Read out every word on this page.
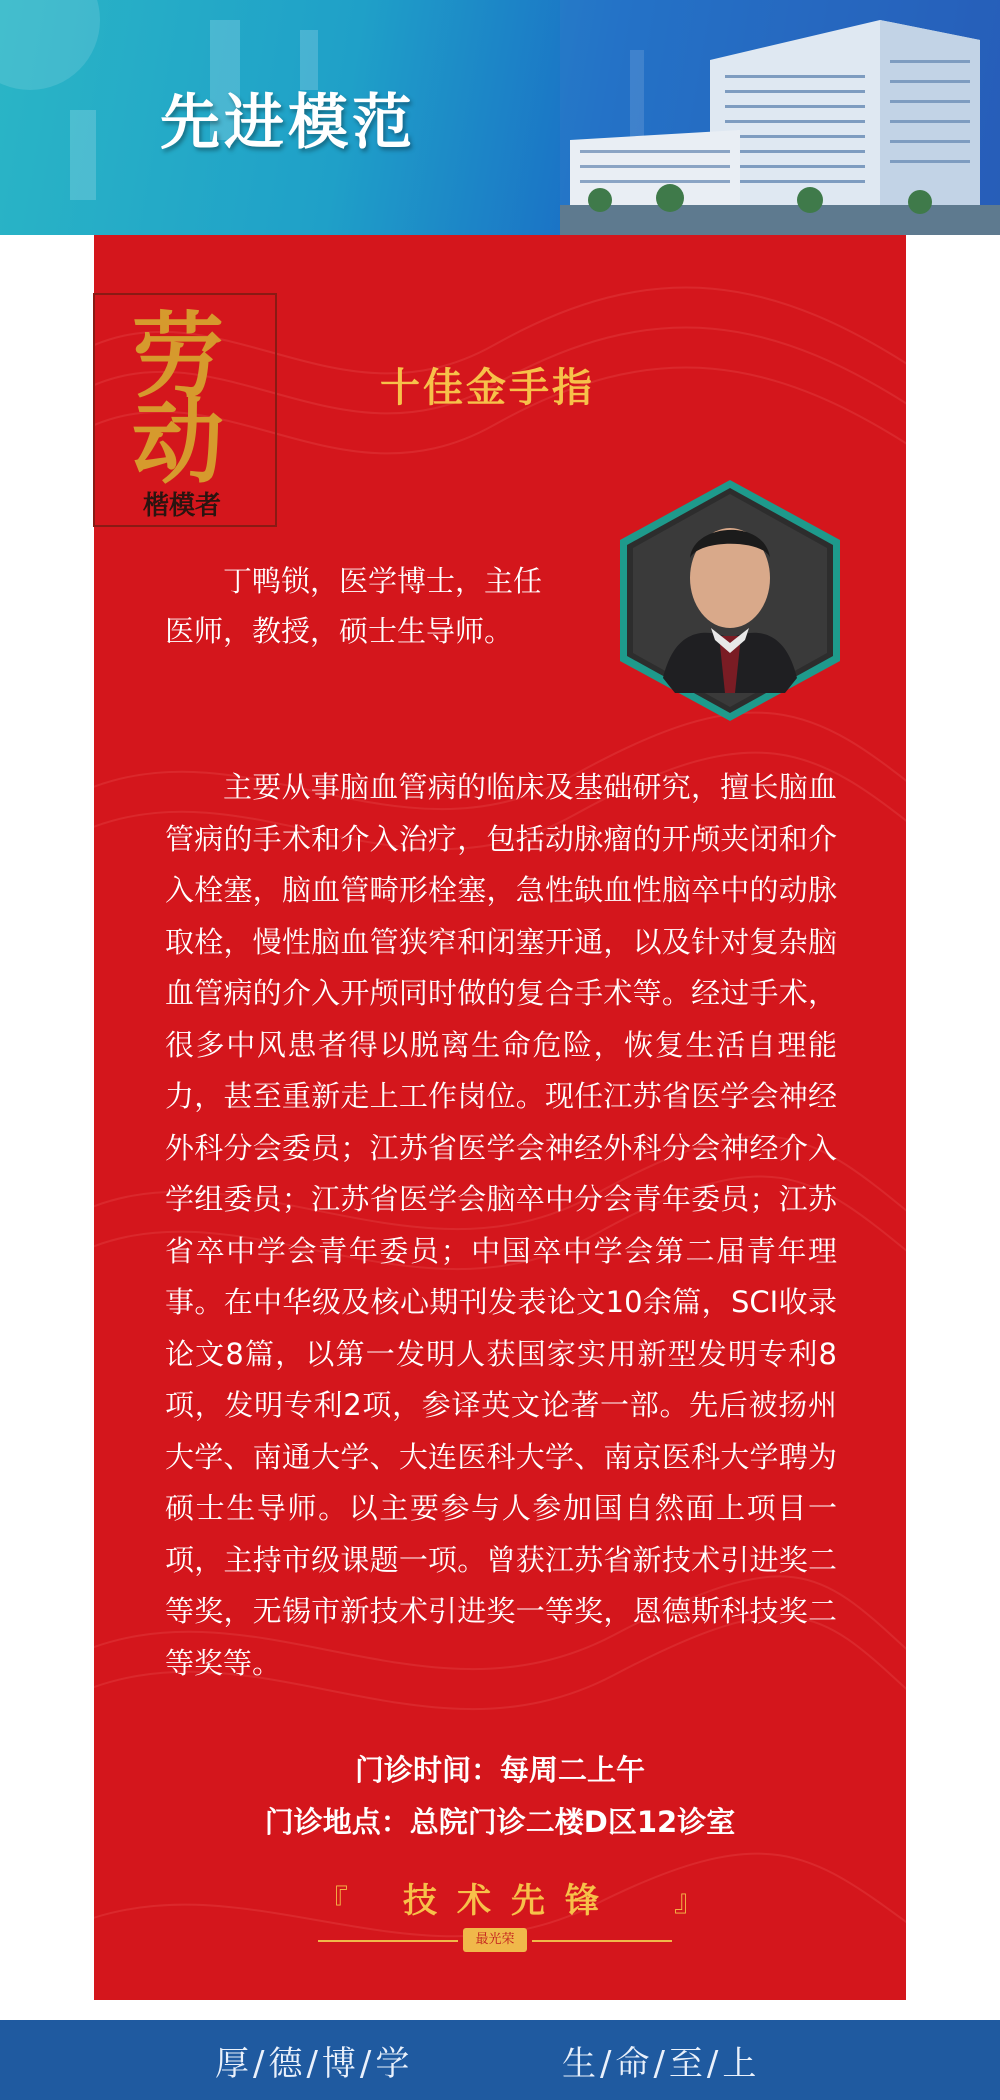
先进模范
劳
动
楷模者
十佳金手指
丁鸭锁，医学博士，主任医师，教授，硕士生导师。
主要从事脑血管病的临床及基础研究，擅长脑血管病的手术和介入治疗，包括动脉瘤的开颅夹闭和介入栓塞，脑血管畸形栓塞，急性缺血性脑卒中的动脉取栓，慢性脑血管狭窄和闭塞开通，以及针对复杂脑血管病的介入开颅同时做的复合手术等。经过手术，很多中风患者得以脱离生命危险，恢复生活自理能力，甚至重新走上工作岗位。现任江苏省医学会神经外科分会委员；江苏省医学会神经外科分会神经介入学组委员；江苏省医学会脑卒中分会青年委员；江苏省卒中学会青年委员；中国卒中学会第二届青年理事。在中华级及核心期刊发表论文10余篇，SCI收录论文8篇，以第一发明人获国家实用新型发明专利8项，发明专利2项，参译英文论著一部。先后被扬州大学、南通大学、大连医科大学、南京医科大学聘为硕士生导师。以主要参与人参加国自然面上项目一项，主持市级课题一项。曾获江苏省新技术引进奖二等奖，无锡市新技术引进奖一等奖，恩德斯科技奖二等奖等。
门诊时间：每周二上午
门诊地点：总院门诊二楼D区12诊室
『 技术先锋 』
最光荣
厚/德/博/学	生/命/至/上
